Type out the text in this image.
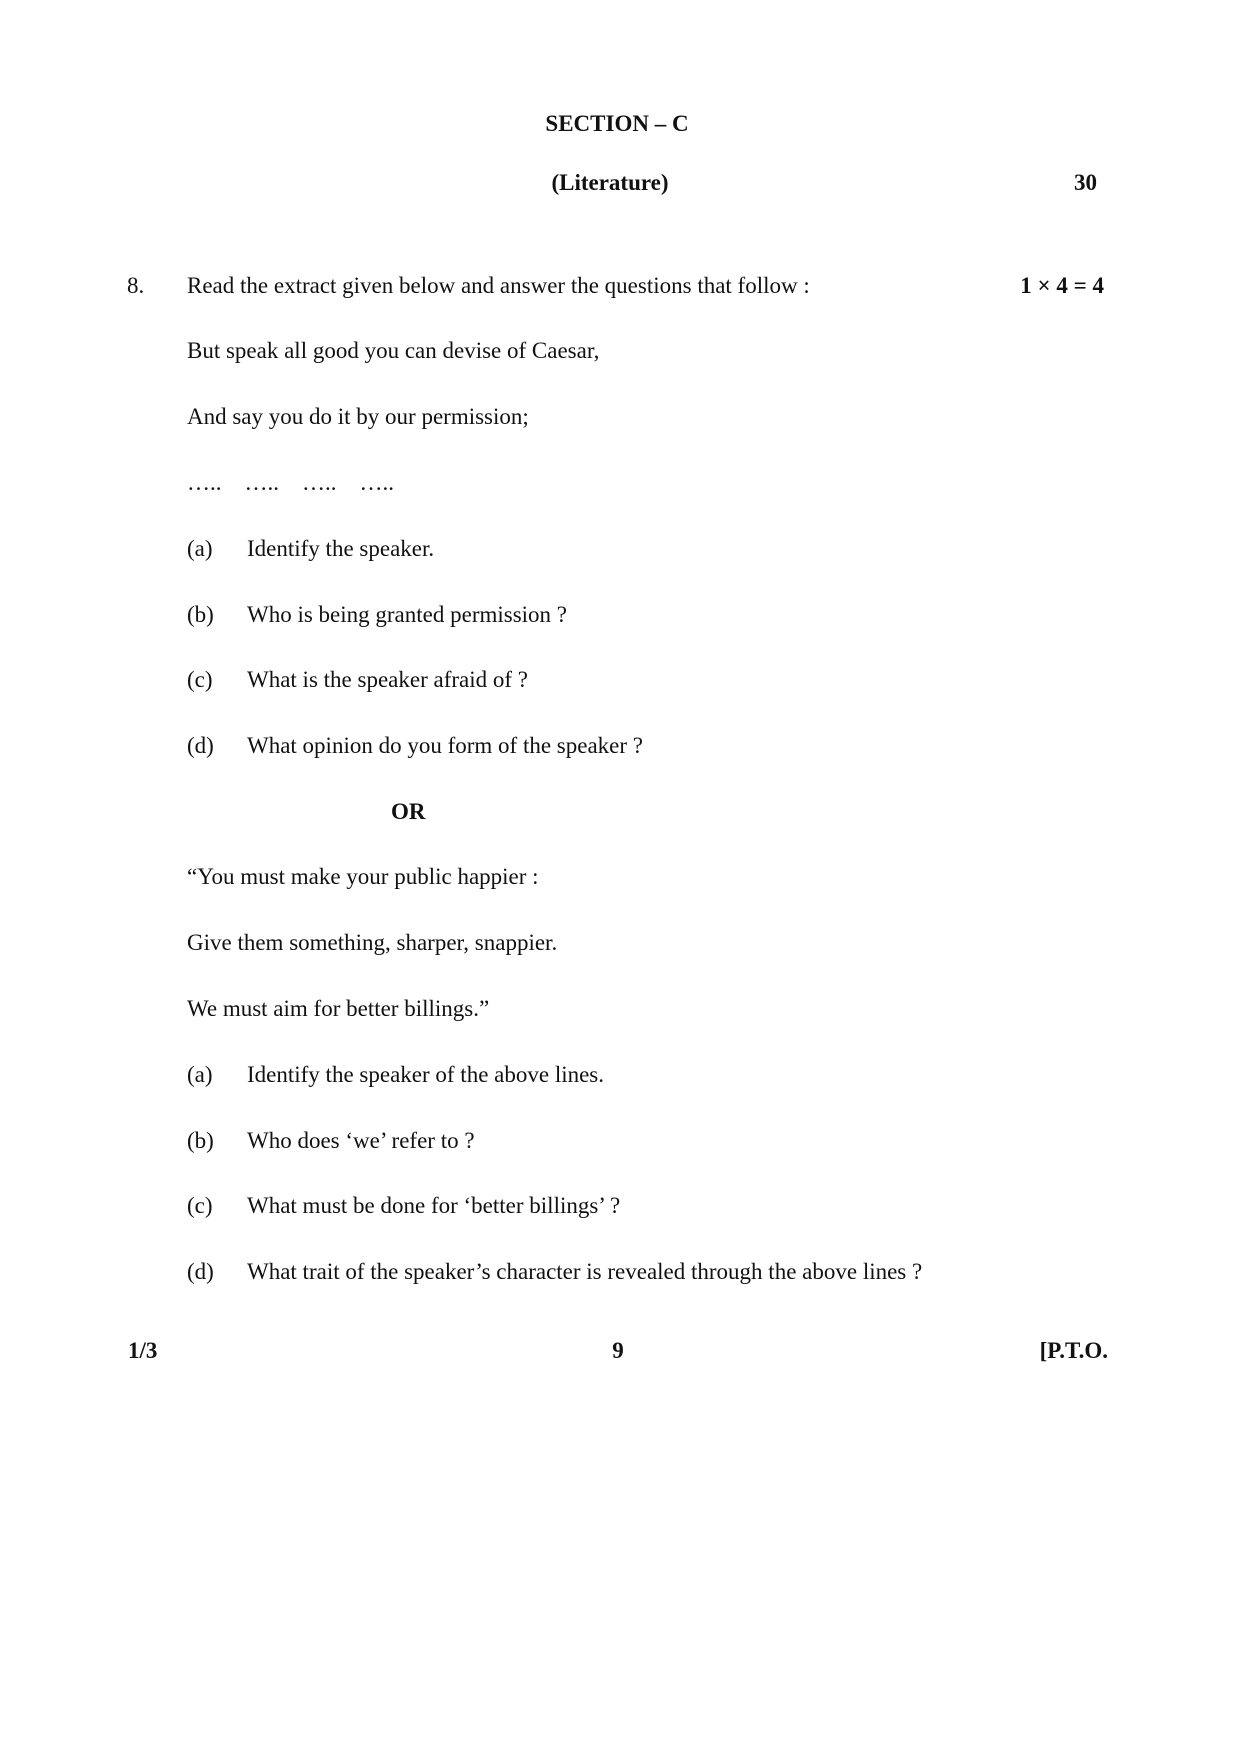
SECTION – C
(Literature)	30
8. Read the extract given below and answer the questions that follow :	1 × 4 = 4
But speak all good you can devise of Caesar,
And say you do it by our permission;
…..    …..    …..    …..
(a) Identify the speaker.
(b) Who is being granted permission ?
(c) What is the speaker afraid of ?
(d) What opinion do you form of the speaker ?
OR
“You must make your public happier :
Give them something, sharper, snappier.
We must aim for better billings.”
(a) Identify the speaker of the above lines.
(b) Who does ‘we’ refer to ?
(c) What must be done for ‘better billings’ ?
(d) What trait of the speaker’s character is revealed through the above lines ?
1/3	9	[P.T.O.
